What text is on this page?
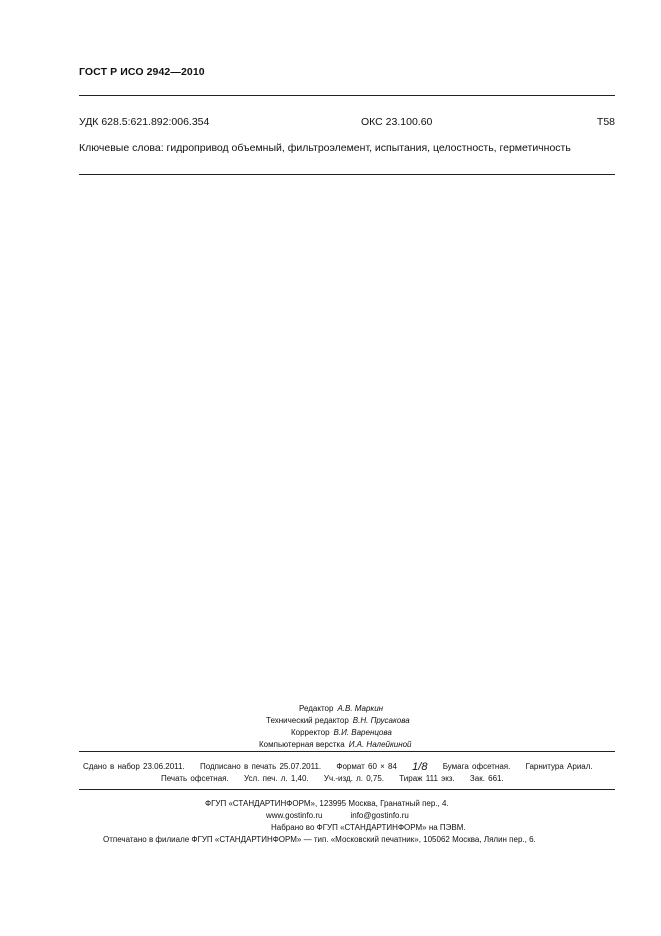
ГОСТ Р ИСО 2942—2010
УДК 628.5:621.892:006.354	ОКС 23.100.60	Т58
Ключевые слова: гидропривод объемный, фильтроэлемент, испытания, целостность, герметичность
Редактор А.В. Маркин
Технический редактор В.Н. Прусакова
Корректор В.И. Варенцова
Компьютерная верстка И.А. Налейкиной
Сдано в набор 23.06.2011. Подписано в печать 25.07.2011. Формат 60 × 84 1/8 Бумага офсетная. Гарнитура Ариал.
Печать офсетная. Усл. печ. л. 1,40. Уч.-изд. л. 0,75. Тираж 111 экз. Зак. 661.
ФГУП «СТАНДАРТИНФОРМ», 123995 Москва, Гранатный пер., 4.
www.gostinfo.ru	info@gostinfo.ru
Набрано во ФГУП «СТАНДАРТИНФОРМ» на ПЭВМ.
Отпечатано в филиале ФГУП «СТАНДАРТИНФОРМ» — тип. «Московский печатник», 105062 Москва, Лялин пер., 6.
